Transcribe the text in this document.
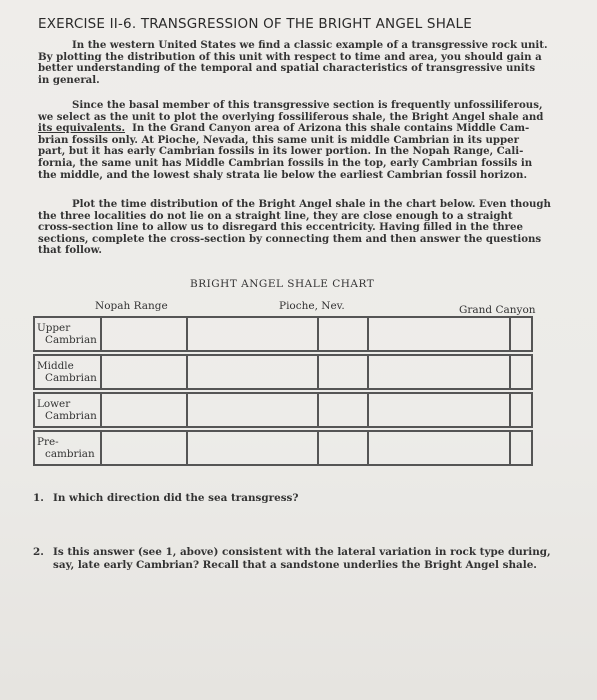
EXERCISE II-6. TRANSGRESSION OF THE BRIGHT ANGEL SHALE
In the western United States we find a classic example of a transgressive rock unit.
By plotting the distribution of this unit with respect to time and area, you should gain a
better understanding of the temporal and spatial characteristics of transgressive units
in general.
Since the basal member of this transgressive section is frequently unfossiliferous,
we select as the unit to plot the overlying fossiliferous shale, the Bright Angel shale and
its equivalents. In the Grand Canyon area of Arizona this shale contains Middle Cam-
brian fossils only. At Pioche, Nevada, this same unit is middle Cambrian in its upper
part, but it has early Cambrian fossils in its lower portion. In the Nopah Range, Cali-
fornia, the same unit has Middle Cambrian fossils in the top, early Cambrian fossils in
the middle, and the lowest shaly strata lie below the earliest Cambrian fossil horizon.
Plot the time distribution of the Bright Angel shale in the chart below. Even though
the three localities do not lie on a straight line, they are close enough to a straight
cross-section line to allow us to disregard this eccentricity. Having filled in the three
sections, complete the cross-section by connecting them and then answer the questions
that follow.
BRIGHT ANGEL SHALE CHART
Nopah Range	Pioche, Nev.	Grand Canyon
Upper
Cambrian
Middle
Cambrian
Lower
Cambrian
Pre-
cambrian
1. In which direction did the sea transgress?
2. Is this answer (see 1, above) consistent with the lateral variation in rock type during,
say, late early Cambrian? Recall that a sandstone underlies the Bright Angel shale.
